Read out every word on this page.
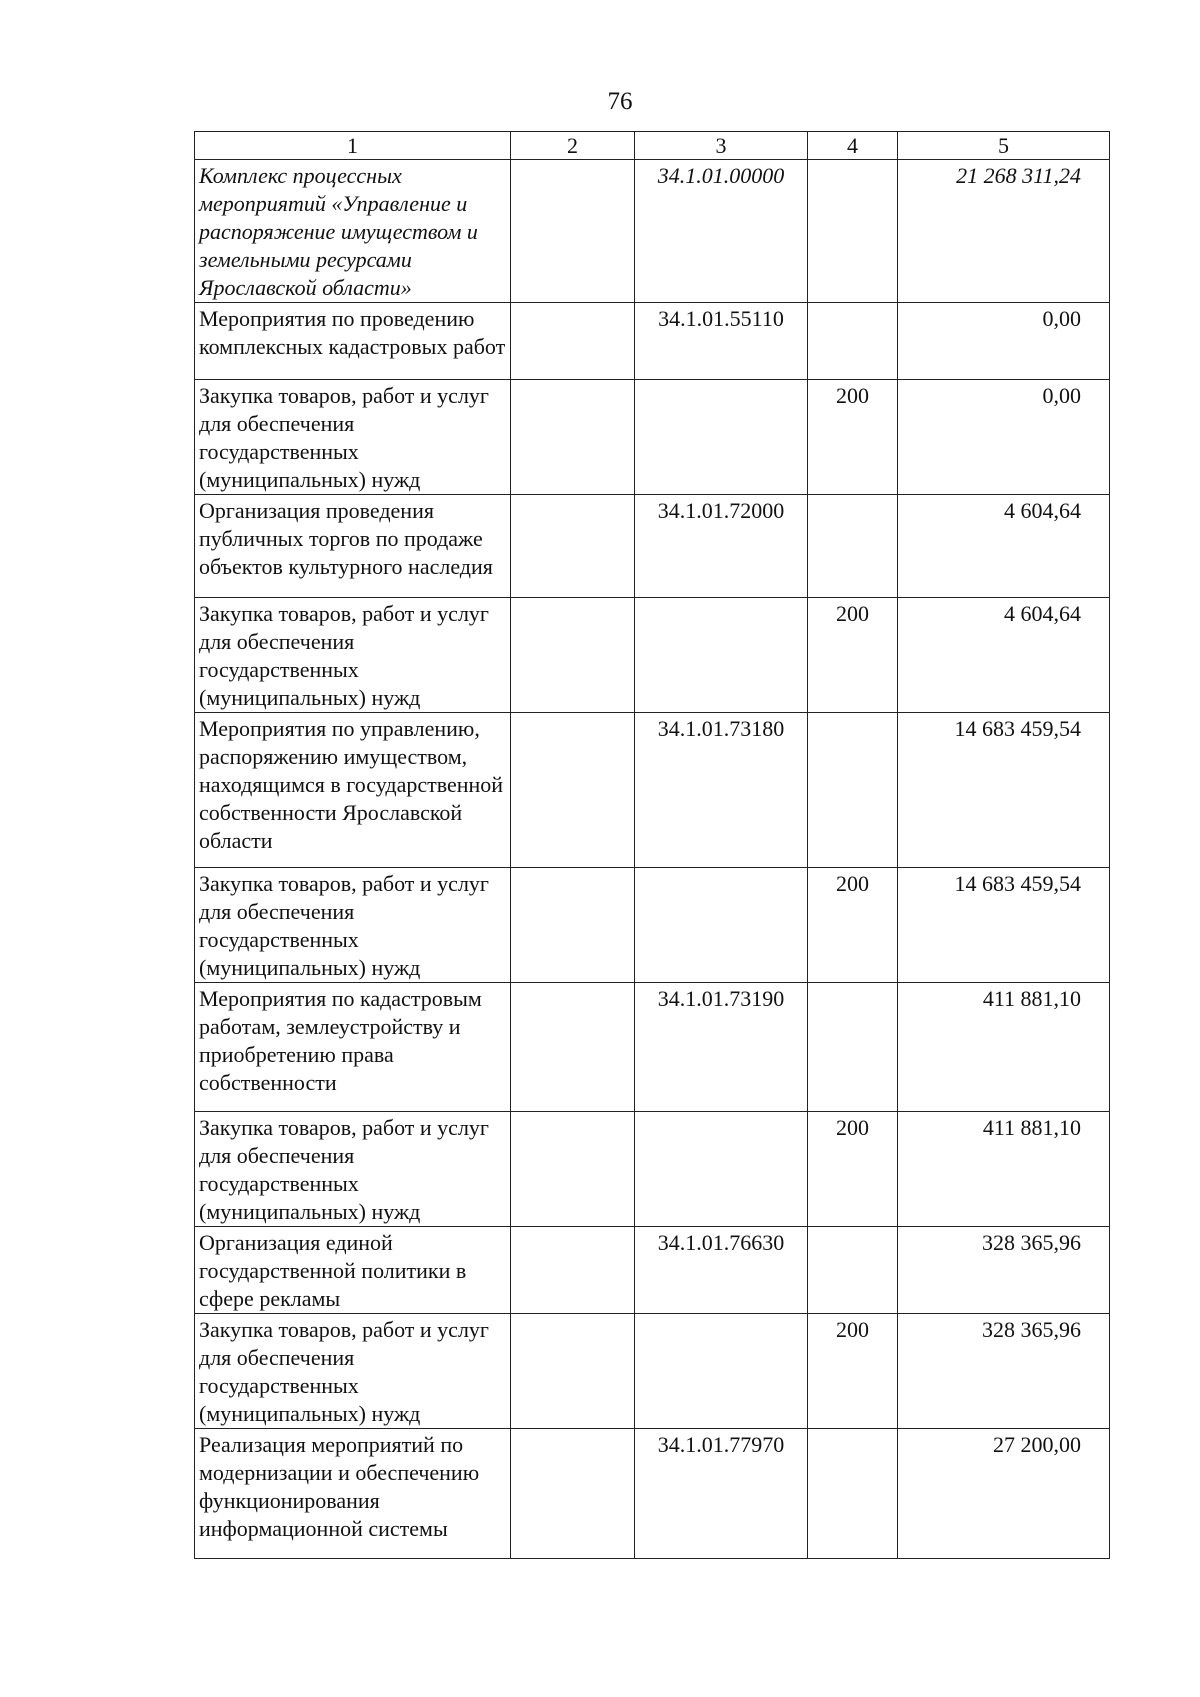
76
1	2	3	4	5
Комплекс процессных мероприятий «Управление и распоряжение имуществом и земельными ресурсами Ярославской области»		34.1.01.00000		21 268 311,24
Мероприятия по проведению комплексных кадастровых работ		34.1.01.55110		0,00
Закупка товаров, работ и услуг для обеспечения государственных (муниципальных) нужд			200	0,00
Организация проведения публичных торгов по продаже объектов культурного наследия		34.1.01.72000		4 604,64
Закупка товаров, работ и услуг для обеспечения государственных (муниципальных) нужд			200	4 604,64
Мероприятия по управлению, распоряжению имуществом, находящимся в государственной собственности Ярославской области		34.1.01.73180		14 683 459,54
Закупка товаров, работ и услуг для обеспечения государственных (муниципальных) нужд			200	14 683 459,54
Мероприятия по кадастровым работам, землеустройству и приобретению права собственности		34.1.01.73190		411 881,10
Закупка товаров, работ и услуг для обеспечения государственных (муниципальных) нужд			200	411 881,10
Организация единой государственной политики в сфере рекламы		34.1.01.76630		328 365,96
Закупка товаров, работ и услуг для обеспечения государственных (муниципальных) нужд			200	328 365,96
Реализация мероприятий по модернизации и обеспечению функционирования информационной системы		34.1.01.77970		27 200,00
